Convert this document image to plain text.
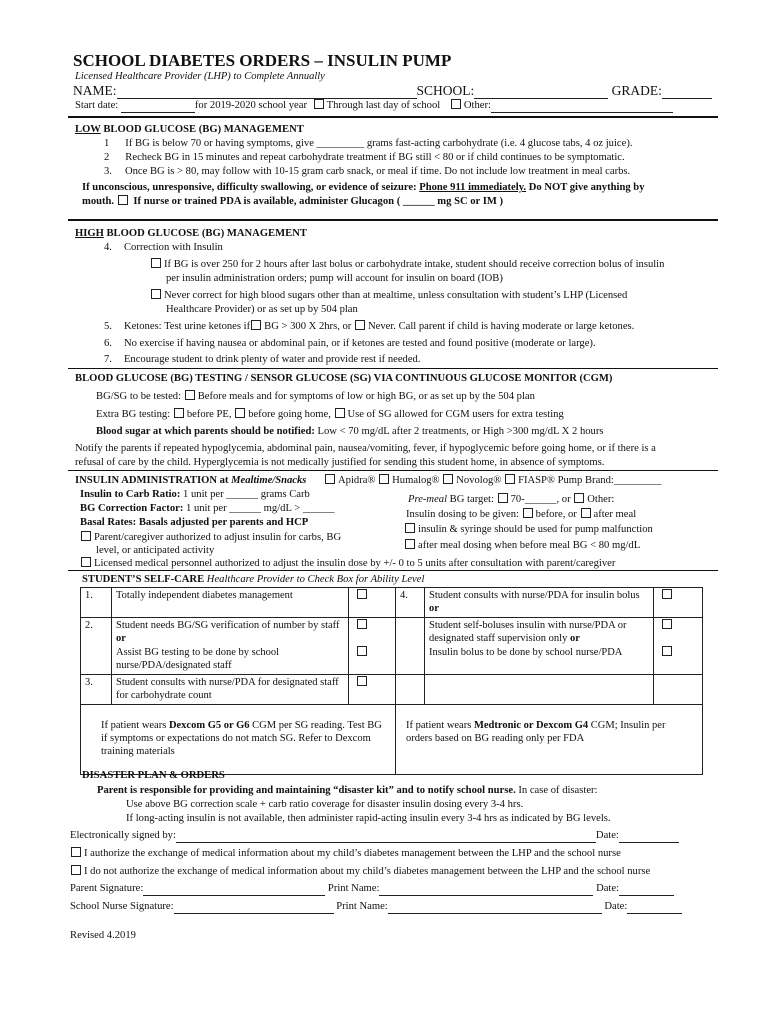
SCHOOL DIABETES ORDERS – INSULIN PUMP
Licensed Healthcare Provider (LHP) to Complete Annually
NAME:	SCHOOL:	GRADE:
Start date:	for 2019-2020 school year Through last day of school Other:
LOW BLOOD GLUCOSE (BG) MANAGEMENT
1 If BG is below 70 or having symptoms, give _________ grams fast-acting carbohydrate (i.e. 4 glucose tabs, 4 oz juice).
2 Recheck BG in 15 minutes and repeat carbohydrate treatment if BG still < 80 or if child continues to be symptomatic.
3. Once BG is > 80, may follow with 10-15 gram carb snack, or meal if time. Do not include low treatment in meal carbs.
If unconscious, unresponsive, difficulty swallowing, or evidence of seizure: Phone 911 immediately. Do NOT give anything by
mouth. If nurse or trained PDA is available, administer Glucagon ( ______ mg SC or IM )
HIGH BLOOD GLUCOSE (BG) MANAGEMENT
4. Correction with Insulin
If BG is over 250 for 2 hours after last bolus or carbohydrate intake, student should receive correction bolus of insulin
per insulin administration orders; pump will account for insulin on board (IOB)
Never correct for high blood sugars other than at mealtime, unless consultation with student’s LHP (Licensed
Healthcare Provider) or as set up by 504 plan
5. Ketones: Test urine ketones if BG > 300 X 2hrs, or Never. Call parent if child is having moderate or large ketones.
6. No exercise if having nausea or abdominal pain, or if ketones are tested and found positive (moderate or large).
7. Encourage student to drink plenty of water and provide rest if needed.
BLOOD GLUCOSE (BG) TESTING / SENSOR GLUCOSE (SG) VIA CONTINUOUS GLUCOSE MONITOR (CGM)
BG/SG to be tested: Before meals and for symptoms of low or high BG, or as set up by the 504 plan
Extra BG testing: before PE, before going home, Use of SG allowed for CGM users for extra testing
Blood sugar at which parents should be notified: Low < 70 mg/dL after 2 treatments, or High >300 mg/dL X 2 hours
Notify the parents if repeated hypoglycemia, abdominal pain, nausea/vomiting, fever, if hypoglycemic before going home, or if there is a
refusal of care by the child. Hyperglycemia is not medically justified for sending this student home, in absence of symptoms.
INSULIN ADMINISTRATION at Mealtime/Snacks	Apidra® Humalog® Novolog® FIASP® Pump Brand:_________
Insulin to Carb Ratio: 1 unit per ______ grams Carb
BG Correction Factor: 1 unit per ______ mg/dL > ______
Basal Rates: Basals adjusted per parents and HCP
Parent/caregiver authorized to adjust insulin for carbs, BG
level, or anticipated activity
Pre-meal BG target: 70-______, or Other:
Insulin dosing to be given: before, or after meal
insulin & syringe should be used for pump malfunction
after meal dosing when before meal BG < 80 mg/dL
Licensed medical personnel authorized to adjust the insulin dose by +/- 0 to 5 units after consultation with parent/caregiver
STUDENT’S SELF-CARE Healthcare Provider to Check Box for Ability Level
1.	Totally independent diabetes management		4.	Student consults with nurse/PDA for insulin bolus or	
2.	Student needs BG/SG verification of number by staff or
Assist BG testing to be done by school nurse/PDA/designated staff			Student self-boluses insulin with nurse/PDA or designated staff supervision only or
Insulin bolus to be done by school nurse/PDA	

3.	Student consults with nurse/PDA for designated staff for carbohydrate count				
If patient wears Dexcom G5 or G6 CGM per SG reading. Test BG if symptoms or expectations do not match SG. Refer to Dexcom training materials			If patient wears Medtronic or Dexcom G4 CGM; Insulin per orders based on BG reading only per FDA		
DISASTER PLAN & ORDERS
Parent is responsible for providing and maintaining “disaster kit” and to notify school nurse. In case of disaster:
Use above BG correction scale + carb ratio coverage for disaster insulin dosing every 3-4 hrs.
If long-acting insulin is not available, then administer rapid-acting insulin every 3-4 hrs as indicated by BG levels.
Electronically signed by:	Date:
I authorize the exchange of medical information about my child’s diabetes management between the LHP and the school nurse
I do not authorize the exchange of medical information about my child’s diabetes management between the LHP and the school nurse
Parent Signature:	Print Name:	Date:
School Nurse Signature:	Print Name:	Date:
Revised 4.2019
